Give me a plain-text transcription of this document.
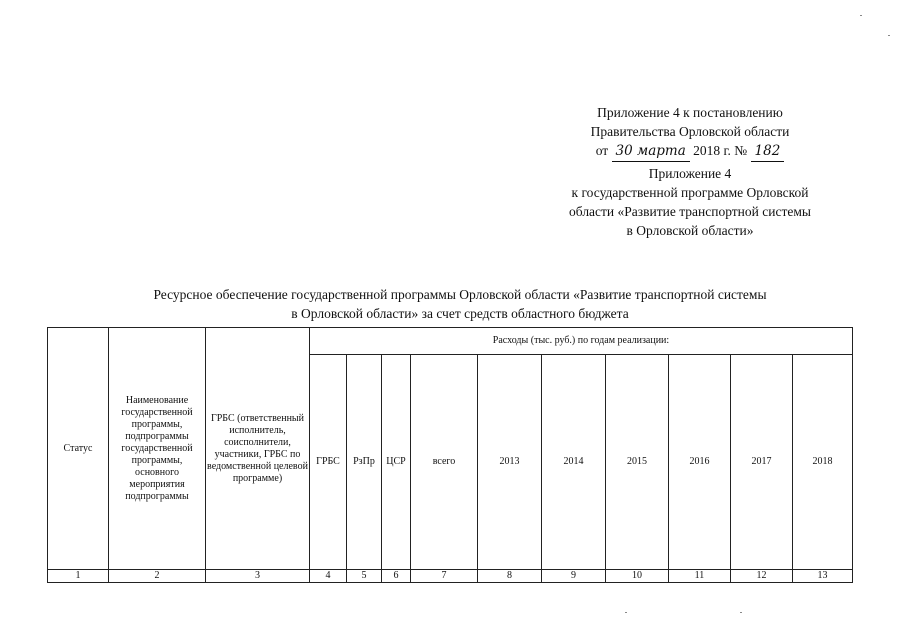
Приложение 4 к постановлению
Правительства Орловской области
от 30 марта 2018 г. № 182
Приложение 4
к государственной программе Орловской
области «Развитие транспортной системы
в Орловской области»
Ресурсное обеспечение государственной программы Орловской области «Развитие транспортной системы
в Орловской области» за счет средств областного бюджета
Статус	Наименование государственной программы, подпрограммы государственной программы, основного мероприятия подпрограммы	ГРБС (ответственный исполнитель, соисполнители, участники, ГРБС по ведомственной целевой программе)	Расходы (тыс. руб.) по годам реализации:									
			ГРБС	РзПр	ЦСР	всего	2013	2014	2015	2016	2017	2018
1	2	3	4	5	6	7	8	9	10	11	12	13
